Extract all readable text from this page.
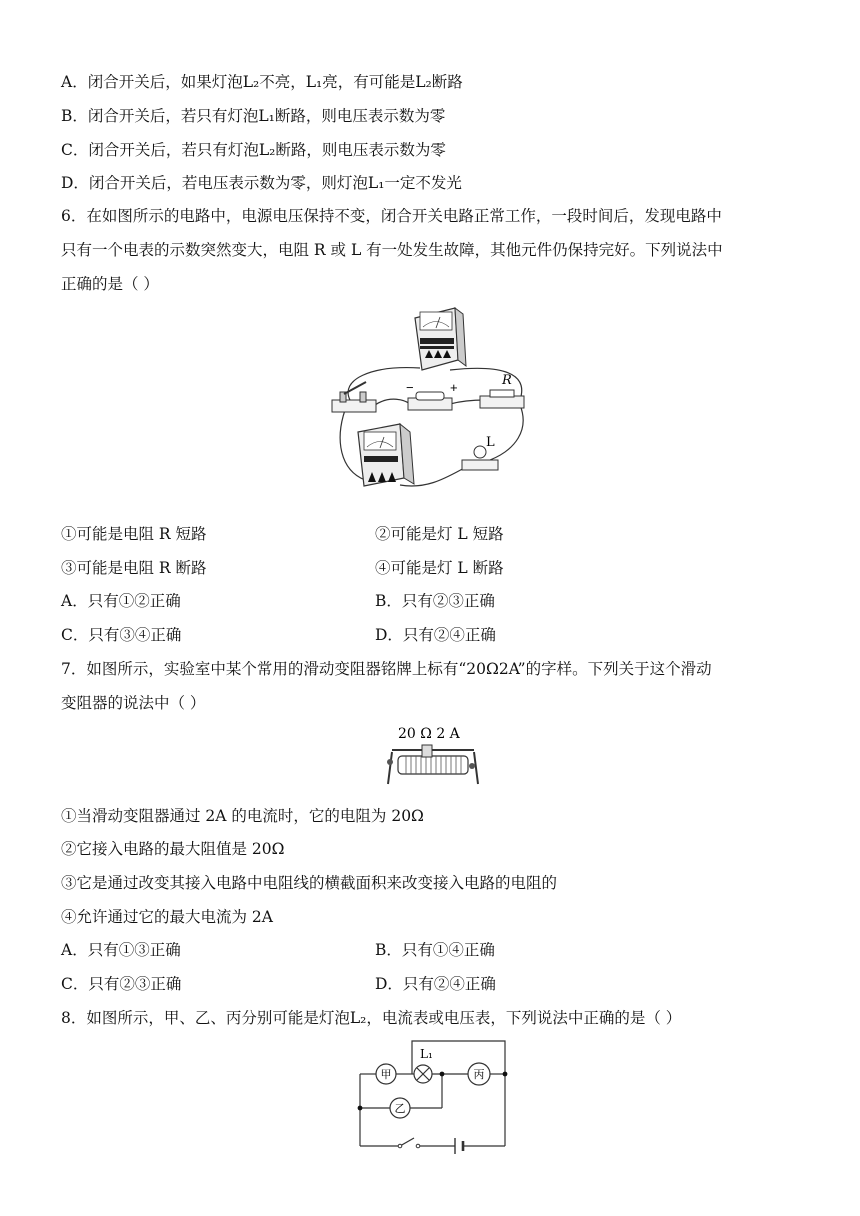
A．闭合开关后，如果灯泡L₂不亮，L₁亮，有可能是L₂断路
B．闭合开关后，若只有灯泡L₁断路，则电压表示数为零
C．闭合开关后，若只有灯泡L₂断路，则电压表示数为零
D．闭合开关后，若电压表示数为零，则灯泡L₁一定不发光
6．在如图所示的电路中，电源电压保持不变，闭合开关电路正常工作，一段时间后，发现电路中
只有一个电表的示数突然变大，电阻 R 或 L 有一处发生故障，其他元件仍保持完好。下列说法中
正确的是（ ）
−	+	R
L
①可能是电阻 R 短路	②可能是灯 L 短路
③可能是电阻 R 断路	④可能是灯 L 断路
A．只有①②正确	B．只有②③正确
C．只有③④正确	D．只有②④正确
7．如图所示，实验室中某个常用的滑动变阻器铭牌上标有“20Ω2A”的字样。下列关于这个滑动
变阻器的说法中（ ）
20 Ω 2 A
①当滑动变阻器通过 2A 的电流时，它的电阻为 20Ω
②它接入电路的最大阻值是 20Ω
③它是通过改变其接入电路中电阻线的横截面积来改变接入电路的电阻的
④允许通过它的最大电流为 2A
A．只有①③正确	B．只有①④正确
C．只有②③正确	D．只有②④正确
8．如图所示，甲、乙、丙分别可能是灯泡L₂，电流表或电压表，下列说法中正确的是（ ）
L₁
甲
乙
丙
